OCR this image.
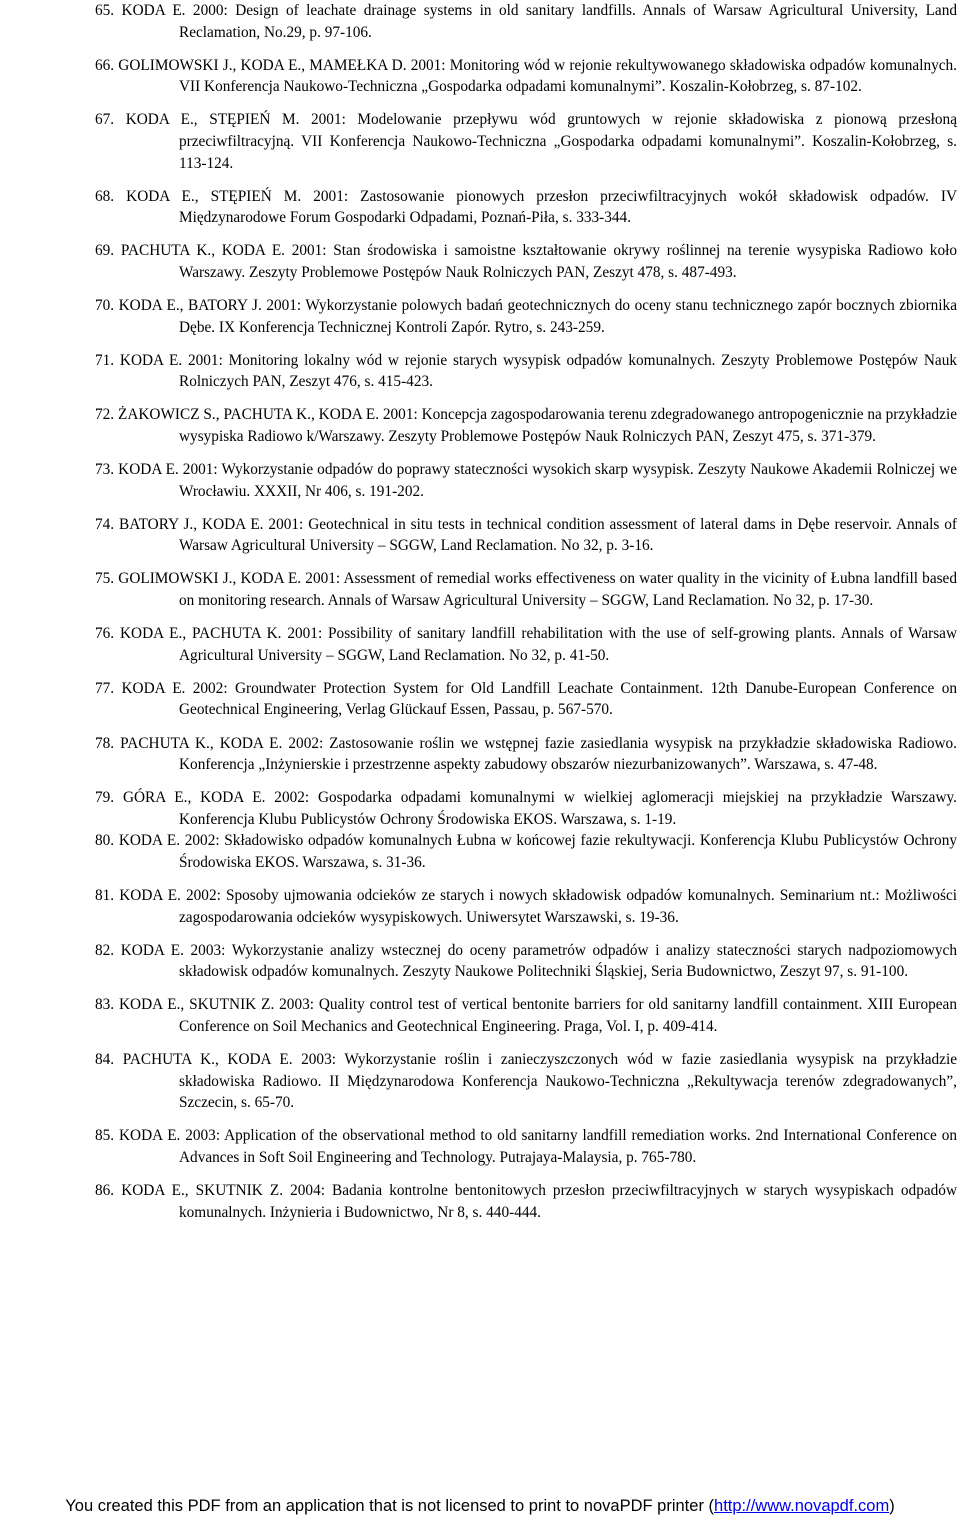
65. KODA E. 2000: Design of leachate drainage systems in old sanitary landfills. Annals of Warsaw Agricultural University, Land Reclamation, No.29, p. 97-106.
66. GOLIMOWSKI J., KODA E., MAMEŁKA D. 2001: Monitoring wód w rejonie rekultywowanego składowiska odpadów komunalnych. VII Konferencja Naukowo-Techniczna „Gospodarka odpadami komunalnymi”. Koszalin-Kołobrzeg, s. 87-102.
67. KODA E., STĘPIEŃ M. 2001: Modelowanie przepływu wód gruntowych w rejonie składowiska z pionową przesłoną przeciwfiltracyjną. VII Konferencja Naukowo-Techniczna „Gospodarka odpadami komunalnymi”. Koszalin-Kołobrzeg, s. 113-124.
68. KODA E., STĘPIEŃ M. 2001: Zastosowanie pionowych przesłon przeciwfiltracyjnych wokół składowisk odpadów. IV Międzynarodowe Forum Gospodarki Odpadami, Poznań-Piła, s. 333-344.
69. PACHUTA K., KODA E. 2001: Stan środowiska i samoistne kształtowanie okrywy roślinnej na terenie wysypiska Radiowo koło Warszawy. Zeszyty Problemowe Postępów Nauk Rolniczych PAN, Zeszyt 478, s. 487-493.
70. KODA E., BATORY J. 2001: Wykorzystanie polowych badań geotechnicznych do oceny stanu technicznego zapór bocznych zbiornika Dębe. IX Konferencja Technicznej Kontroli Zapór. Rytro, s. 243-259.
71. KODA E. 2001: Monitoring lokalny wód w rejonie starych wysypisk odpadów komunalnych. Zeszyty Problemowe Postępów Nauk Rolniczych PAN, Zeszyt 476, s. 415-423.
72. ŻAKOWICZ S., PACHUTA K., KODA E. 2001: Koncepcja zagospodarowania terenu zdegradowanego antropogenicznie na przykładzie wysypiska Radiowo k/Warszawy. Zeszyty Problemowe Postępów Nauk Rolniczych PAN, Zeszyt 475, s. 371-379.
73. KODA E. 2001: Wykorzystanie odpadów do poprawy stateczności wysokich skarp wysypisk. Zeszyty Naukowe Akademii Rolniczej we Wrocławiu. XXXII, Nr 406, s. 191-202.
74. BATORY J., KODA E. 2001: Geotechnical in situ tests in technical condition assessment of lateral dams in Dębe reservoir. Annals of Warsaw Agricultural University – SGGW, Land Reclamation. No 32, p. 3-16.
75. GOLIMOWSKI J., KODA E. 2001: Assessment of remedial works effectiveness on water quality in the vicinity of Łubna landfill based on monitoring research. Annals of Warsaw Agricultural University – SGGW, Land Reclamation. No 32, p. 17-30.
76. KODA E., PACHUTA K. 2001: Possibility of sanitary landfill rehabilitation with the use of self-growing plants. Annals of Warsaw Agricultural University – SGGW, Land Reclamation. No 32, p. 41-50.
77. KODA E. 2002: Groundwater Protection System for Old Landfill Leachate Containment. 12th Danube-European Conference on Geotechnical Engineering, Verlag Glückauf Essen, Passau, p. 567-570.
78. PACHUTA K., KODA E. 2002: Zastosowanie roślin we wstępnej fazie zasiedlania wysypisk na przykładzie składowiska Radiowo. Konferencja „Inżynierskie i przestrzenne aspekty zabudowy obszarów niezurbanizowanych”. Warszawa, s. 47-48.
79. GÓRA E., KODA E. 2002: Gospodarka odpadami komunalnymi w wielkiej aglomeracji miejskiej na przykładzie Warszawy. Konferencja Klubu Publicystów Ochrony Środowiska EKOS. Warszawa, s. 1-19.
80. KODA E. 2002: Składowisko odpadów komunalnych Łubna w końcowej fazie rekultywacji. Konferencja Klubu Publicystów Ochrony Środowiska EKOS. Warszawa, s. 31-36.
81. KODA E. 2002: Sposoby ujmowania odcieków ze starych i nowych składowisk odpadów komunalnych. Seminarium nt.: Możliwości zagospodarowania odcieków wysypiskowych. Uniwersytet Warszawski, s. 19-36.
82. KODA E. 2003: Wykorzystanie analizy wstecznej do oceny parametrów odpadów i analizy stateczności starych nadpoziomowych składowisk odpadów komunalnych. Zeszyty Naukowe Politechniki Śląskiej, Seria Budownictwo, Zeszyt 97, s. 91-100.
83. KODA E., SKUTNIK Z. 2003: Quality control test of vertical bentonite barriers for old sanitarny landfill containment. XIII European Conference on Soil Mechanics and Geotechnical Engineering. Praga, Vol. I, p. 409-414.
84. PACHUTA K., KODA E. 2003: Wykorzystanie roślin i zanieczyszczonych wód w fazie zasiedlania wysypisk na przykładzie składowiska Radiowo. II Międzynarodowa Konferencja Naukowo-Techniczna „Rekultywacja terenów zdegradowanych”, Szczecin, s. 65-70.
85. KODA E. 2003: Application of the observational method to old sanitarny landfill remediation works. 2nd International Conference on Advances in Soft Soil Engineering and Technology. Putrajaya-Malaysia, p. 765-780.
86. KODA E., SKUTNIK Z. 2004: Badania kontrolne bentonitowych przesłon przeciwfiltracyjnych w starych wysypiskach odpadów komunalnych. Inżynieria i Budownictwo, Nr 8, s. 440-444.
You created this PDF from an application that is not licensed to print to novaPDF printer (http://www.novapdf.com)
